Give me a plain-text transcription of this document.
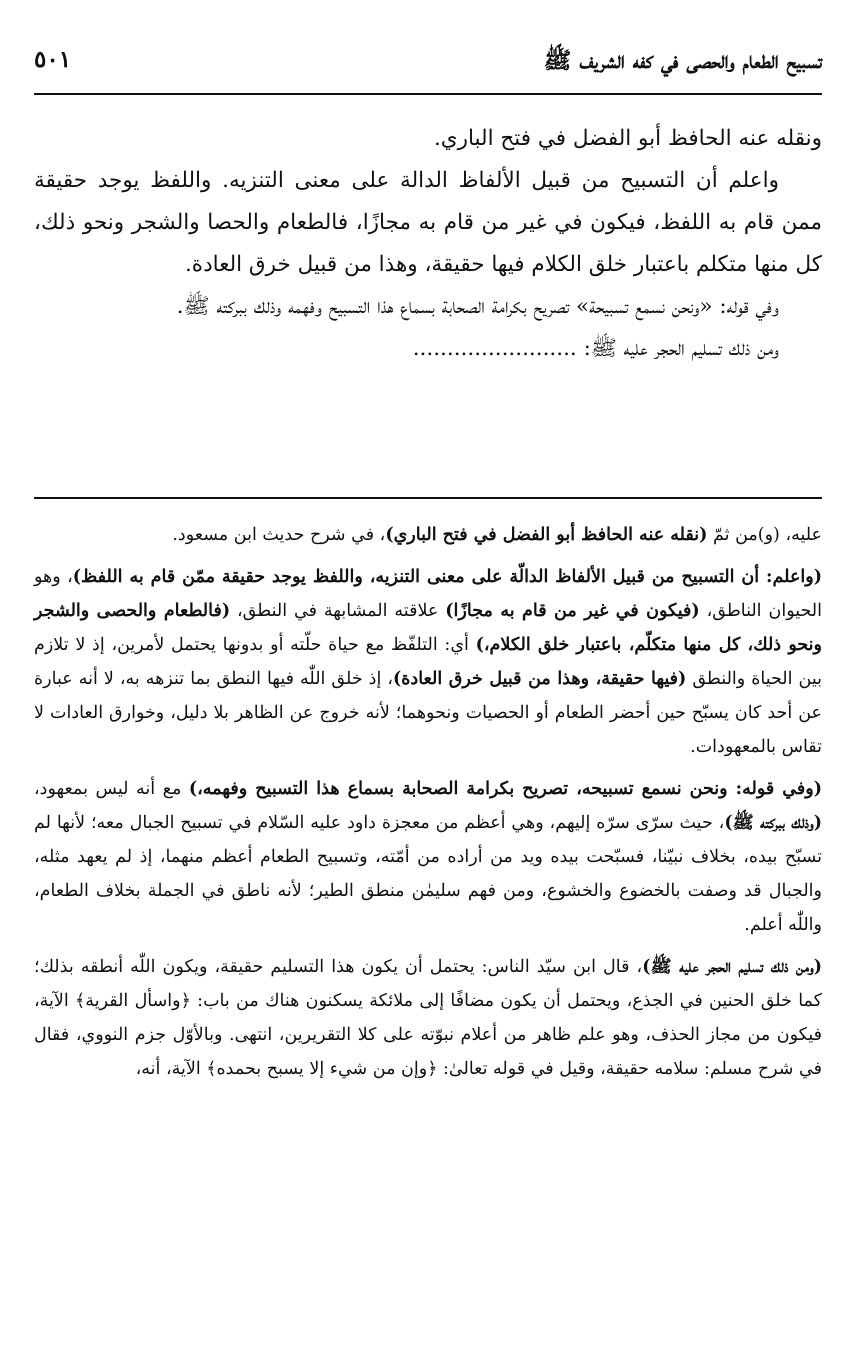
تسبيح الطعام والحصى في كفه الشريف ﷺ
٥٠١

ونقله عنه الحافظ أبو الفضل في فتح الباري.

واعلم أن التسبيح من قبيل الألفاظ الدالة على معنى التنزيه. واللفظ يوجد حقيقة ممن قام به اللفظ، فيكون في غير من قام به مجازًا، فالطعام والحصا والشجر ونحو ذلك، كل منها متكلم باعتبار خلق الكلام فيها حقيقة، وهذا من قبيل خرق العادة.

وفي قوله: «ونحن نسمع تسبيحة» تصريح بكرامة الصحابة بسماع هذا التسبيح وفهمه وذلك ببركته ﷺ.

ومن ذلك تسليم الحجر عليه ﷺ: ........................

عليه، (و)من ثمّ (نقله عنه الحافظ أبو الفضل في فتح الباري)، في شرح حديث ابن مسعود.

(واعلم: أن التسبيح من قبيل الألفاظ الدالّة على معنى التنزيه، واللفظ يوجد حقيقة ممّن قام به اللفظ)، وهو الحيوان الناطق، (فيكون في غير من قام به مجازًا) علاقته المشابهة في النطق، (فالطعام والحصى والشجر ونحو ذلك، كل منها متكلّم، باعتبار خلق الكلام،) أي: التلفّظ مع حياة حلّته أو بدونها يحتمل لأمرين، إذ لا تلازم بين الحياة والنطق (فيها حقيقة، وهذا من قبيل خرق العادة)، إذ خلق اللّٰه فيها النطق بما تنزهه به، لا أنه عبارة عن أحد كان يسبّح حين أحضر الطعام أو الحصيات ونحوهما؛ لأنه خروج عن الظاهر بلا دليل، وخوارق العادات لا تقاس بالمعهودات.

(وفي قوله: ونحن نسمع تسبيحه، تصريح بكرامة الصحابة بسماع هذا التسبيح وفهمه،) مع أنه ليس بمعهود، (وذلك ببركته ﷺ)، حيث سرّى سرّه إليهم، وهي أعظم من معجزة داود عليه السّلام في تسبيح الجبال معه؛ لأنها لم تسبّح بيده، بخلاف نبيّنا، فسبّحت بيده ويد من أراده من أمّته، وتسبيح الطعام أعظم منهما، إذ لم يعهد مثله، والجبال قد وصفت بالخضوع والخشوع، ومن فهم سليمٰن منطق الطير؛ لأنه ناطق في الجملة بخلاف الطعام، واللّٰه أعلم.

(ومن ذلك تسليم الحجر عليه ﷺ)، قال ابن سيّد الناس: يحتمل أن يكون هذا التسليم حقيقة، ويكون اللّٰه أنطقه بذلك؛ كما خلق الحنين في الجذع، ويحتمل أن يكون مضافًا إلى ملائكة يسكنون هناك من باب: ﴿واسأل القرية﴾ الآية، فيكون من مجاز الحذف، وهو علم ظاهر من أعلام نبوّته على كلا التقريرين، انتهى. وبالأوّل جزم النووي، فقال في شرح مسلم: سلامه حقيقة، وقيل في قوله تعالىٰ: ﴿وإن من شيء إلا يسبح بحمده﴾ الآية، أنه،
